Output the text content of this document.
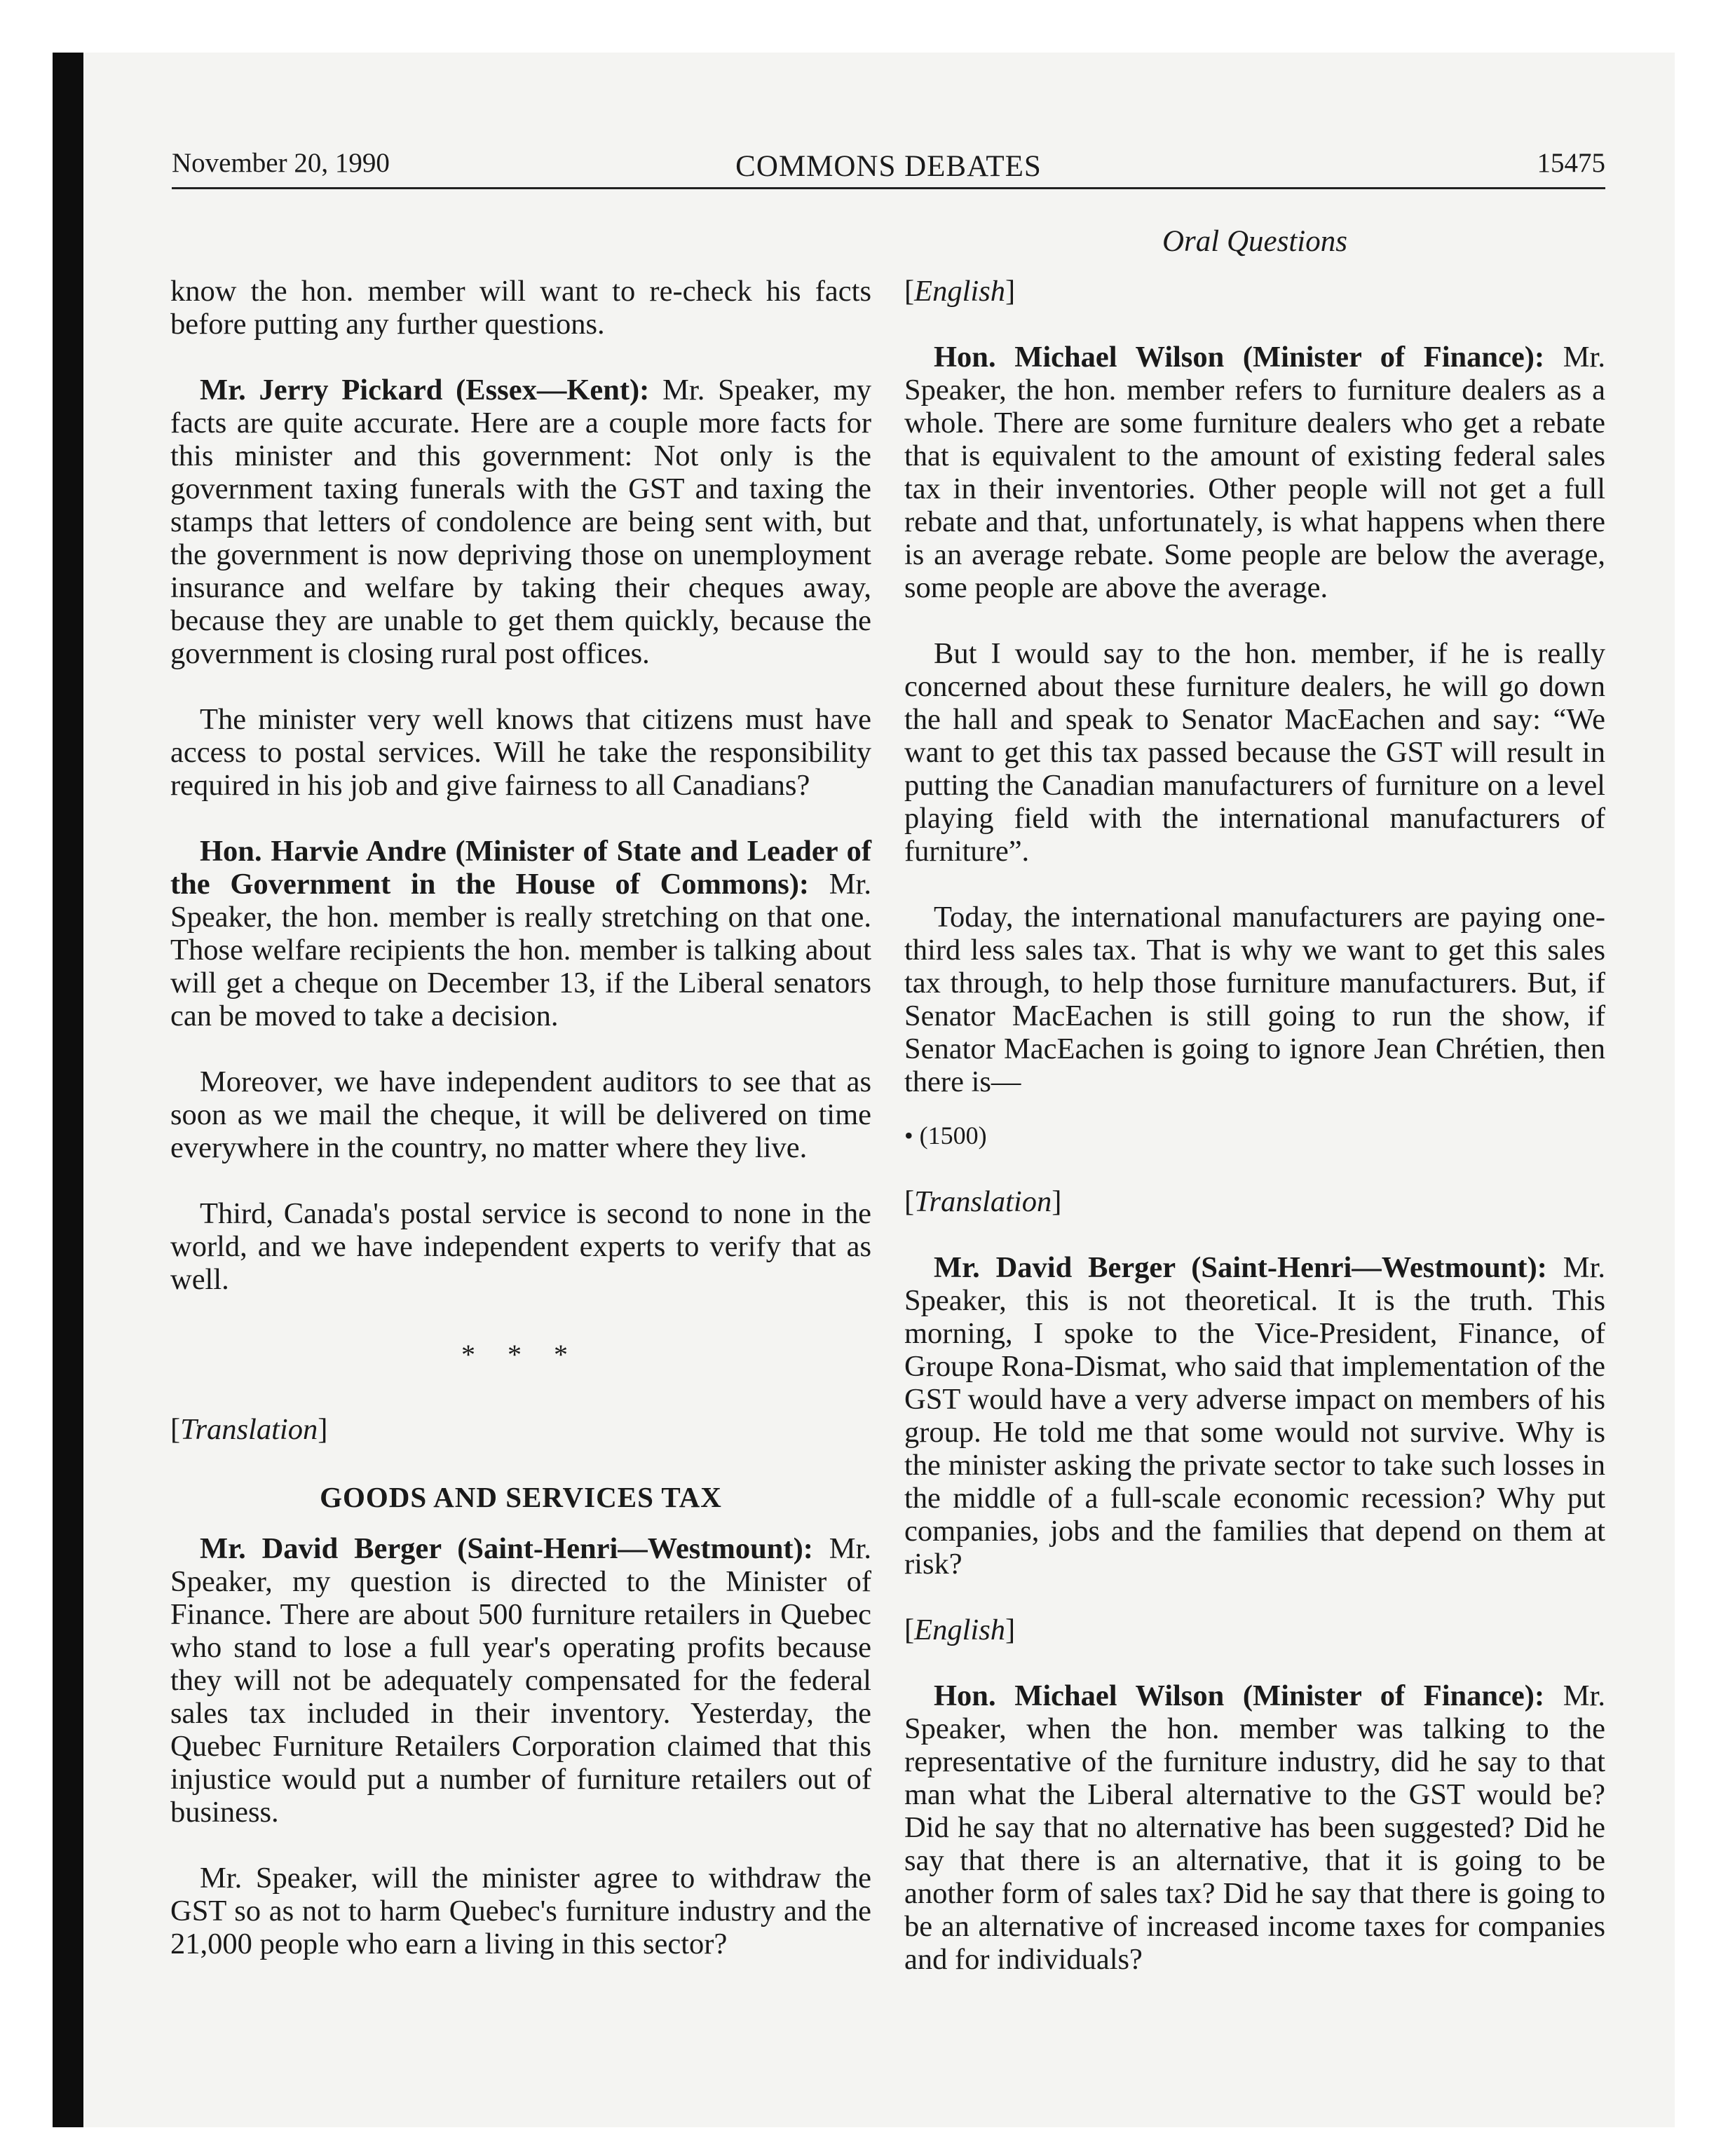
November 20, 1990	COMMONS DEBATES	15475
Oral Questions

know the hon. member will want to re-check his facts before putting any further questions.

Mr. Jerry Pickard (Essex—Kent): Mr. Speaker, my facts are quite accurate. Here are a couple more facts for this minister and this government: Not only is the government taxing funerals with the GST and taxing the stamps that letters of condolence are being sent with, but the government is now depriving those on unemployment insurance and welfare by taking their cheques away, because they are unable to get them quickly, because the government is closing rural post offices.

The minister very well knows that citizens must have access to postal services. Will he take the responsibility required in his job and give fairness to all Canadians?

Hon. Harvie Andre (Minister of State and Leader of the Government in the House of Commons): Mr. Speaker, the hon. member is really stretching on that one. Those welfare recipients the hon. member is talking about will get a cheque on December 13, if the Liberal senators can be moved to take a decision.

Moreover, we have independent auditors to see that as soon as we mail the cheque, it will be delivered on time everywhere in the country, no matter where they live.

Third, Canada's postal service is second to none in the world, and we have independent experts to verify that as well.

* * *
[Translation]
GOODS AND SERVICES TAX

Mr. David Berger (Saint-Henri—Westmount): Mr. Speaker, my question is directed to the Minister of Finance. There are about 500 furniture retailers in Quebec who stand to lose a full year's operating profits because they will not be adequately compensated for the federal sales tax included in their inventory. Yesterday, the Quebec Furniture Retailers Corporation claimed that this injustice would put a number of furniture retailers out of business.

Mr. Speaker, will the minister agree to withdraw the GST so as not to harm Quebec's furniture industry and the 21,000 people who earn a living in this sector?

[English]

Hon. Michael Wilson (Minister of Finance): Mr. Speaker, the hon. member refers to furniture dealers as a whole. There are some furniture dealers who get a rebate that is equivalent to the amount of existing federal sales tax in their inventories. Other people will not get a full rebate and that, unfortunately, is what happens when there is an average rebate. Some people are below the average, some people are above the average.

But I would say to the hon. member, if he is really concerned about these furniture dealers, he will go down the hall and speak to Senator MacEachen and say: “We want to get this tax passed because the GST will result in putting the Canadian manufacturers of furniture on a level playing field with the international manufacturers of furniture”.

Today, the international manufacturers are paying one-third less sales tax. That is why we want to get this sales tax through, to help those furniture manufacturers. But, if Senator MacEachen is still going to run the show, if Senator MacEachen is going to ignore Jean Chrétien, then there is—

• (1500)
[Translation]

Mr. David Berger (Saint-Henri—Westmount): Mr. Speaker, this is not theoretical. It is the truth. This morning, I spoke to the Vice-President, Finance, of Groupe Rona-Dismat, who said that implementation of the GST would have a very adverse impact on members of his group. He told me that some would not survive. Why is the minister asking the private sector to take such losses in the middle of a full-scale economic recession? Why put companies, jobs and the families that depend on them at risk?

[English]

Hon. Michael Wilson (Minister of Finance): Mr. Speaker, when the hon. member was talking to the representative of the furniture industry, did he say to that man what the Liberal alternative to the GST would be? Did he say that no alternative has been suggested? Did he say that there is an alternative, that it is going to be another form of sales tax? Did he say that there is going to be an alternative of increased income taxes for companies and for individuals?
